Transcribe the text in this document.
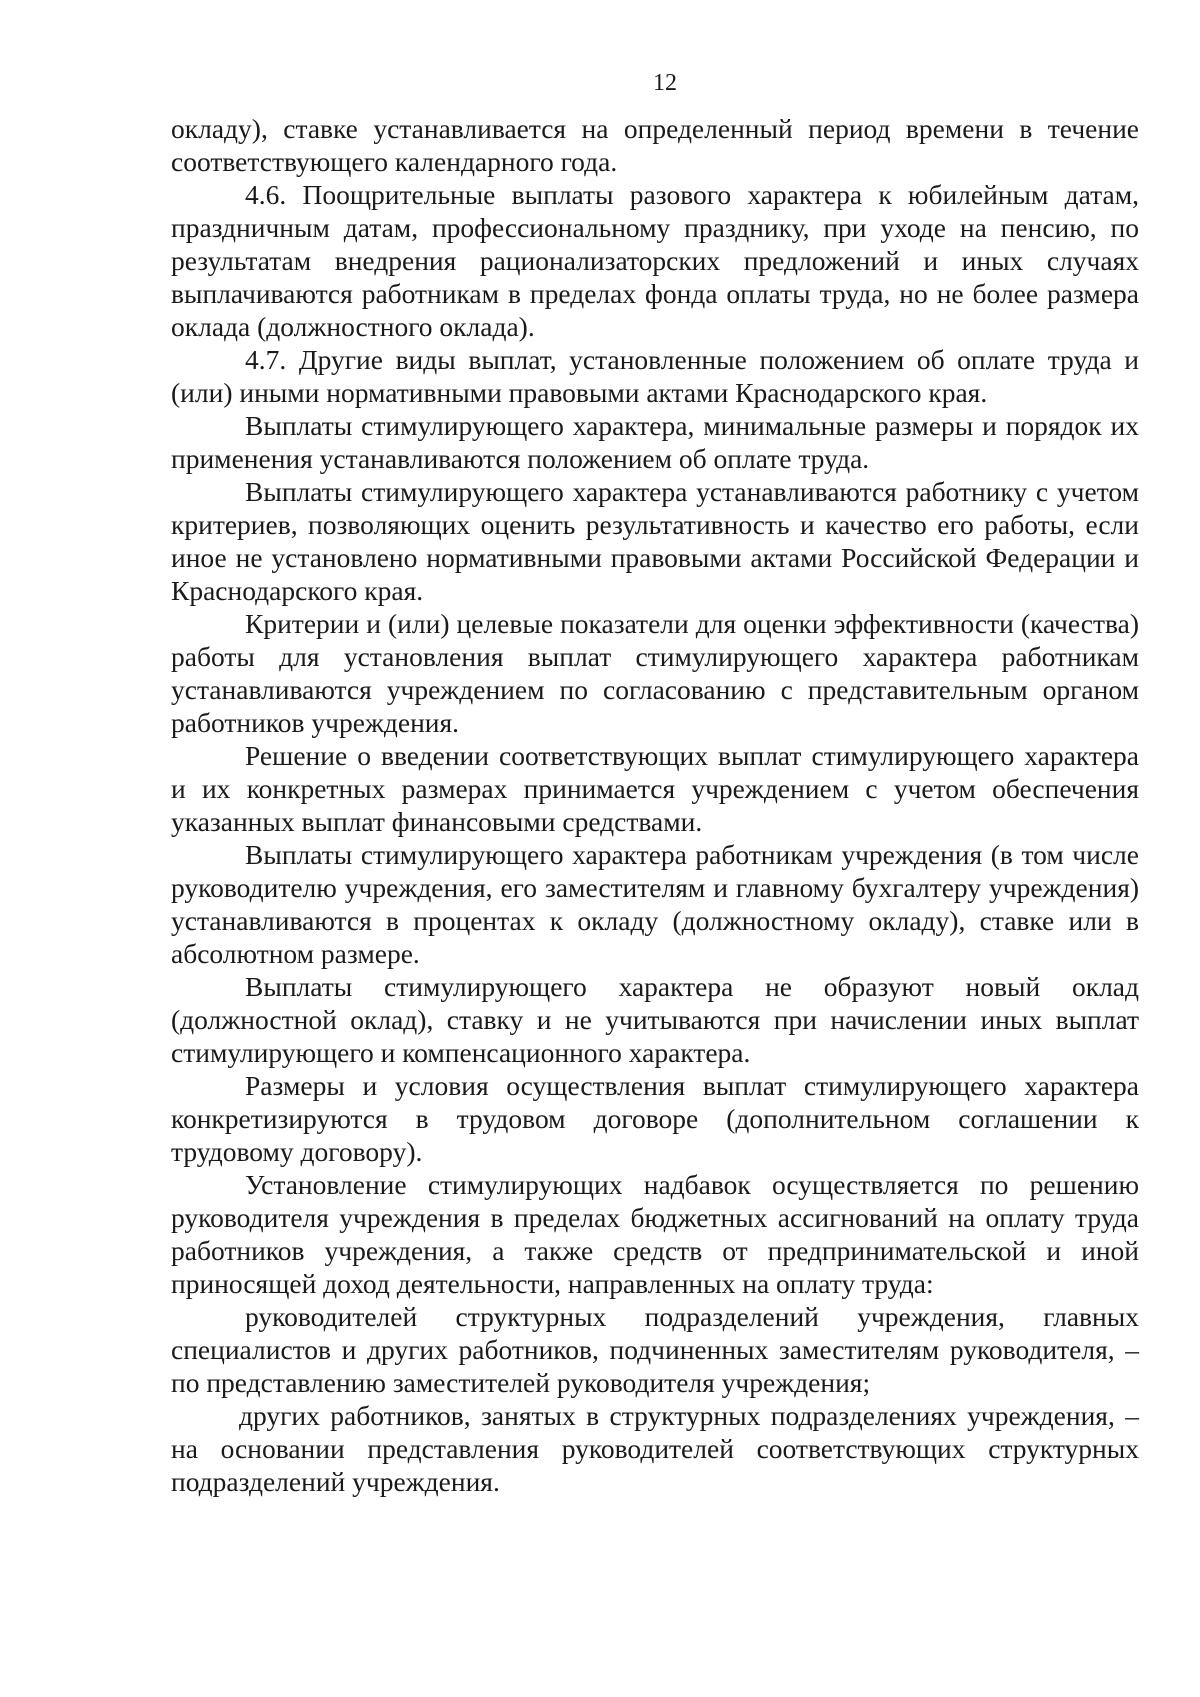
12

окладу), ставке устанавливается на определенный период времени в течение соответствующего календарного года.

4.6. Поощрительные выплаты разового характера к юбилейным датам, праздничным датам, профессиональному празднику, при уходе на пенсию, по результатам внедрения рационализаторских предложений и иных случаях выплачиваются работникам в пределах фонда оплаты труда, но не более размера оклада (должностного оклада).

4.7. Другие виды выплат, установленные положением об оплате труда и (или) иными нормативными правовыми актами Краснодарского края.

Выплаты стимулирующего характера, минимальные размеры и порядок их применения устанавливаются положением об оплате труда.

Выплаты стимулирующего характера устанавливаются работнику с учетом критериев, позволяющих оценить результативность и качество его работы, если иное не установлено нормативными правовыми актами Российской Федерации и Краснодарского края.

Критерии и (или) целевые показатели для оценки эффективности (качества) работы для установления выплат стимулирующего характера работникам устанавливаются учреждением по согласованию с представительным органом работников учреждения.

Решение о введении соответствующих выплат стимулирующего характера и их конкретных размерах принимается учреждением с учетом обеспечения указанных выплат финансовыми средствами.

Выплаты стимулирующего характера работникам учреждения (в том числе руководителю учреждения, его заместителям и главному бухгалтеру учреждения) устанавливаются в процентах к окладу (должностному окладу), ставке или в абсолютном размере.

Выплаты стимулирующего характера не образуют новый оклад (должностной оклад), ставку и не учитываются при начислении иных выплат стимулирующего и компенсационного характера.

Размеры и условия осуществления выплат стимулирующего характера конкретизируются в трудовом договоре (дополнительном соглашении к трудовому договору).

Установление стимулирующих надбавок осуществляется по решению руководителя учреждения в пределах бюджетных ассигнований на оплату труда работников учреждения, а также средств от предпринимательской и иной приносящей доход деятельности, направленных на оплату труда:

руководителей структурных подразделений учреждения, главных специалистов и других работников, подчиненных заместителям руководителя, – по представлению заместителей руководителя учреждения;

других работников, занятых в структурных подразделениях учреждения, – на основании представления руководителей соответствующих структурных подразделений учреждения.
